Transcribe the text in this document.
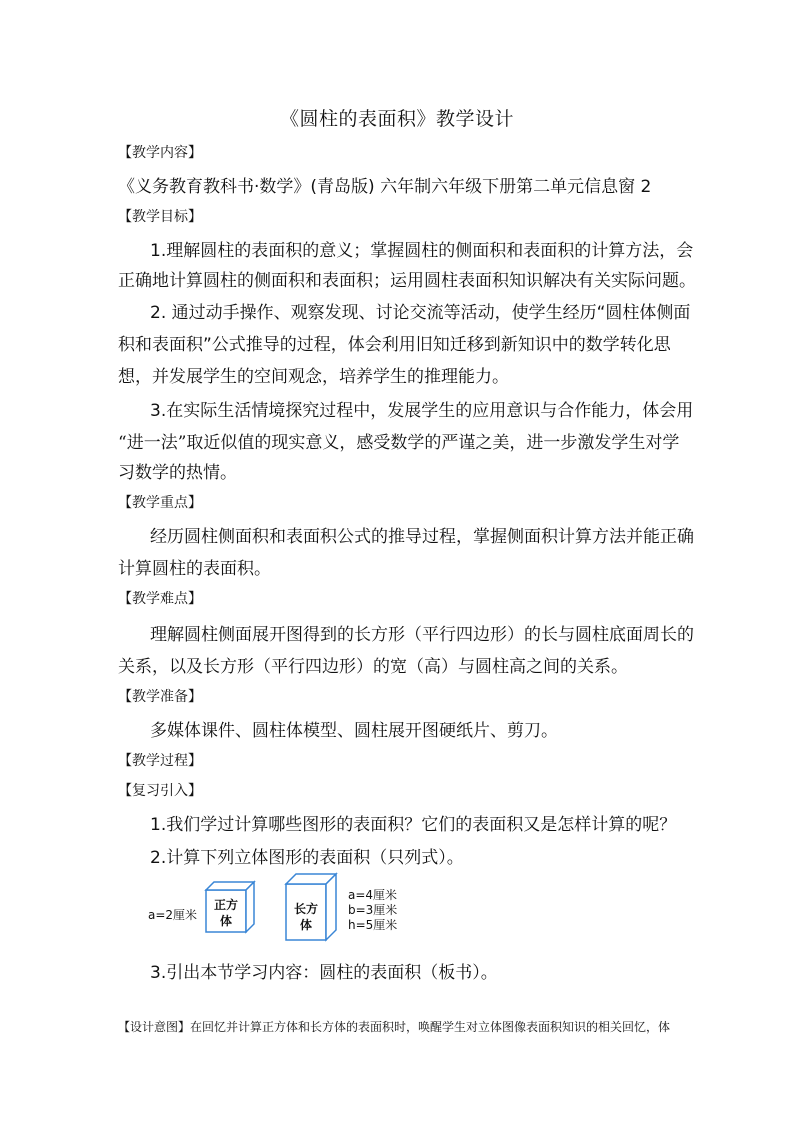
《圆柱的表面积》教学设计
【教学内容】
《义务教育教科书·数学》(青岛版) 六年制六年级下册第二单元信息窗 2
【教学目标】
1.理解圆柱的表面积的意义；掌握圆柱的侧面积和表面积的计算方法，会
正确地计算圆柱的侧面积和表面积；运用圆柱表面积知识解决有关实际问题。
2. 通过动手操作、观察发现、讨论交流等活动，使学生经历“圆柱体侧面
积和表面积”公式推导的过程，体会利用旧知迁移到新知识中的数学转化思
想，并发展学生的空间观念，培养学生的推理能力。
3.在实际生活情境探究过程中，发展学生的应用意识与合作能力，体会用
“进一法”取近似值的现实意义，感受数学的严谨之美，进一步激发学生对学
习数学的热情。
【教学重点】
经历圆柱侧面积和表面积公式的推导过程，掌握侧面积计算方法并能正确
计算圆柱的表面积。
【教学难点】
理解圆柱侧面展开图得到的长方形（平行四边形）的长与圆柱底面周长的
关系，以及长方形（平行四边形）的宽（高）与圆柱高之间的关系。
【教学准备】
多媒体课件、圆柱体模型、圆柱展开图硬纸片、剪刀。
【教学过程】
【复习引入】
1.我们学过计算哪些图形的表面积？它们的表面积又是怎样计算的呢？
2.计算下列立体图形的表面积（只列式）。
a=2厘米
正方
体
长方
体
a=4厘米
b=3厘米
h=5厘米
3.引出本节学习内容：圆柱的表面积（板书）。
【设计意图】在回忆并计算正方体和长方体的表面积时，唤醒学生对立体图像表面积知识的相关回忆，体
